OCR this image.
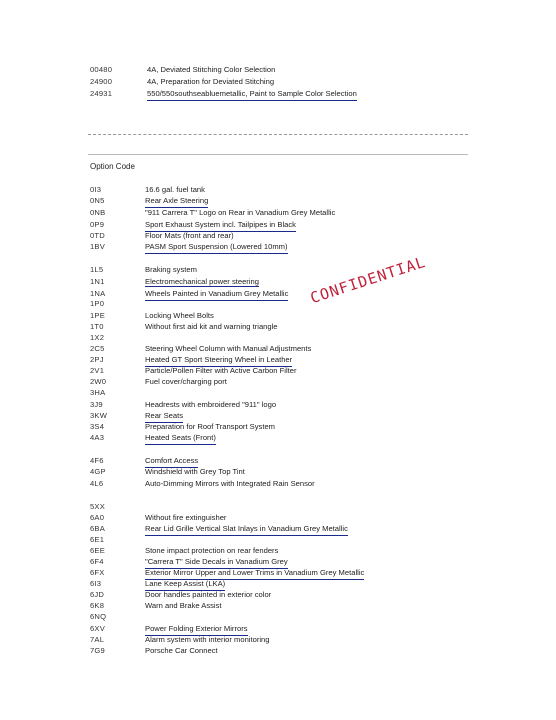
00480	4A, Deviated Stitching Color Selection
24900	4A, Preparation for Deviated Stitching
24931	550/550southseabluemetallic, Paint to Sample Color Selection
Option Code
0I3	16.6 gal. fuel tank
0N5	Rear Axle Steering
0NB	"911 Carrera T" Logo on Rear in Vanadium Grey Metallic
0P9	Sport Exhaust System incl. Tailpipes in Black
0TD	Floor Mats (front and rear)
1BV	PASM Sport Suspension (Lowered 10mm)
1L5	Braking system
1N1	Electromechanical power steering
1NA	Wheels Painted in Vanadium Grey Metallic
1P0
1PE	Locking Wheel Bolts
1T0	Without first aid kit and warning triangle
1X2
2C5	Steering Wheel Column with Manual Adjustments
2PJ	Heated GT Sport Steering Wheel in Leather
2V1	Particle/Pollen Filter with Active Carbon Filter
2W0	Fuel cover/charging port
3HA
3J9	Headrests with embroidered "911" logo
3KW	Rear Seats
3S4	Preparation for Roof Transport System
4A3	Heated Seats (Front)
4F6	Comfort Access
4GP	Windshield with Grey Top Tint
4L6	Auto-Dimming Mirrors with Integrated Rain Sensor
5XX
6A0	Without fire extinguisher
6BA	Rear Lid Grille Vertical Slat Inlays in Vanadium Grey Metallic
6E1
6EE	Stone impact protection on rear fenders
6F4	"Carrera T" Side Decals in Vanadium Grey
6FX	Exterior Mirror Upper and Lower Trims in Vanadium Grey Metallic
6I3	Lane Keep Assist (LKA)
6JD	Door handles painted in exterior color
6K8	Warn and Brake Assist
6NQ
6XV	Power Folding Exterior Mirrors
7AL	Alarm system with interior monitoring
7G9	Porsche Car Connect
CONFIDENTIAL
